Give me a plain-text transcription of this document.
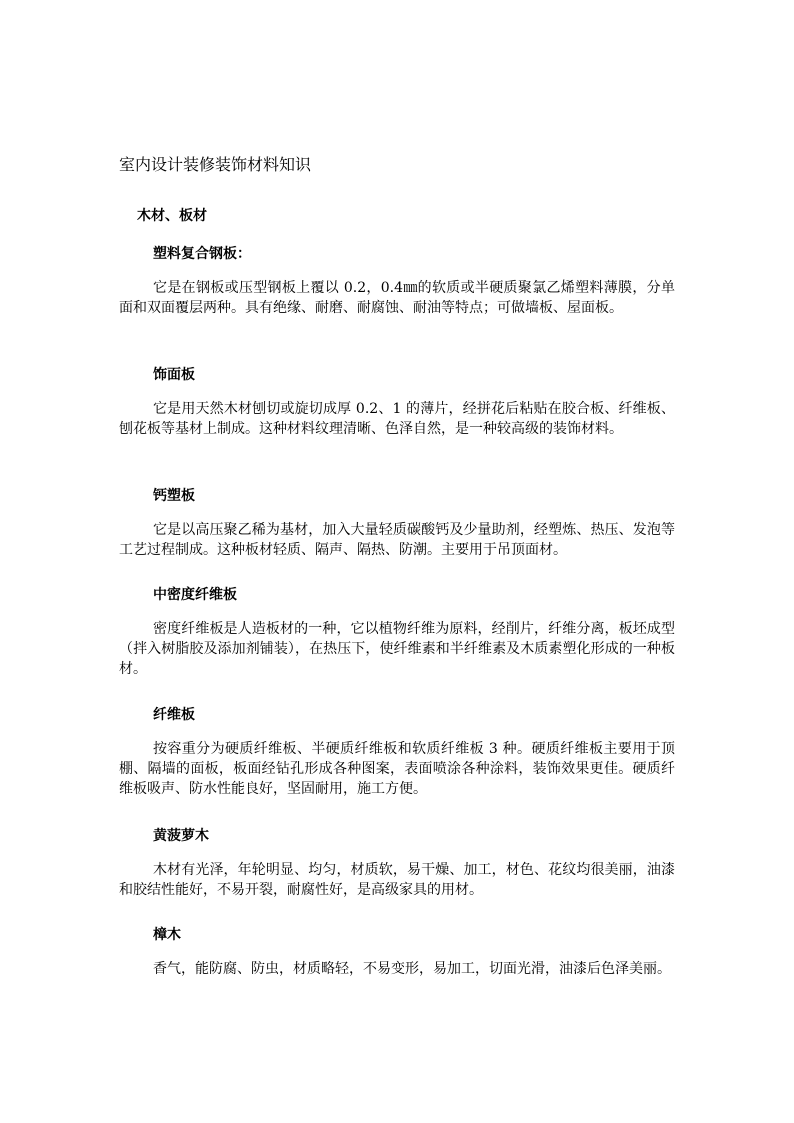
室内设计装修装饰材料知识
木材、板材
塑料复合钢板：

它是在钢板或压型钢板上覆以 0.2，0.4㎜的软质或半硬质聚氯乙烯塑料薄膜，分单面和双面覆层两种。具有绝缘、耐磨、耐腐蚀、耐油等特点；可做墙板、屋面板。

饰面板

它是用天然木材刨切或旋切成厚 0.2、1 的薄片，经拼花后粘贴在胶合板、纤维板、刨花板等基材上制成。这种材料纹理清晰、色泽自然，是一种较高级的装饰材料。

钙塑板

它是以高压聚乙稀为基材，加入大量轻质碳酸钙及少量助剂，经塑炼、热压、发泡等工艺过程制成。这种板材轻质、隔声、隔热、防潮。主要用于吊顶面材。

中密度纤维板

密度纤维板是人造板材的一种，它以植物纤维为原料，经削片，纤维分离，板坯成型（拌入树脂胶及添加剂铺装），在热压下，使纤维素和半纤维素及木质素塑化形成的一种板材。

纤维板

按容重分为硬质纤维板、半硬质纤维板和软质纤维板 3 种。硬质纤维板主要用于顶棚、隔墙的面板，板面经钻孔形成各种图案，表面喷涂各种涂料，装饰效果更佳。硬质纤维板吸声、防水性能良好，坚固耐用，施工方便。

黄菠萝木

木材有光泽，年轮明显、均匀，材质软，易干燥、加工，材色、花纹均很美丽，油漆和胶结性能好，不易开裂，耐腐性好，是高级家具的用材。

樟木

香气，能防腐、防虫，材质略轻，不易变形，易加工，切面光滑，油漆后色泽美丽。
